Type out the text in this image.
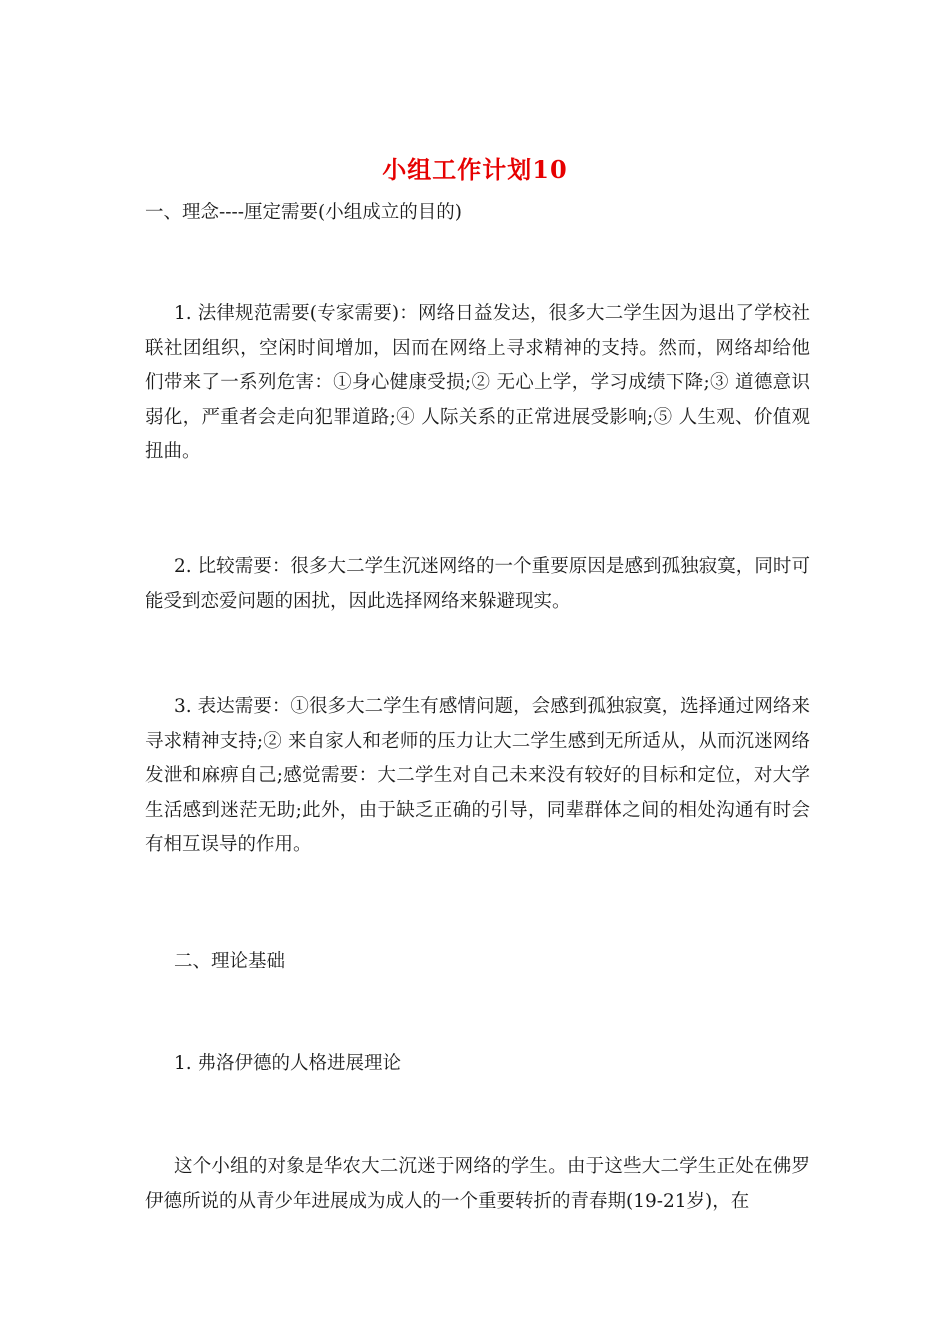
小组工作计划10

一、理念----厘定需要(小组成立的目的)

1. 法律规范需要(专家需要)：网络日益发达，很多大二学生因为退出了学校社联社团组织，空闲时间增加，因而在网络上寻求精神的支持。然而，网络却给他们带来了一系列危害：①身心健康受损;② 无心上学，学习成绩下降;③ 道德意识弱化，严重者会走向犯罪道路;④ 人际关系的正常进展受影响;⑤ 人生观、价值观扭曲。

2. 比较需要：很多大二学生沉迷网络的一个重要原因是感到孤独寂寞，同时可能受到恋爱问题的困扰，因此选择网络来躲避现实。

3. 表达需要：①很多大二学生有感情问题，会感到孤独寂寞，选择通过网络来寻求精神支持;② 来自家人和老师的压力让大二学生感到无所适从，从而沉迷网络发泄和麻痹自己;感觉需要：大二学生对自己未来没有较好的目标和定位，对大学生活感到迷茫无助;此外，由于缺乏正确的引导，同辈群体之间的相处沟通有时会有相互误导的作用。

二、理论基础

1. 弗洛伊德的人格进展理论

这个小组的对象是华农大二沉迷于网络的学生。由于这些大二学生正处在佛罗伊德所说的从青少年进展成为成人的一个重要转折的青春期(19-21岁)，在
